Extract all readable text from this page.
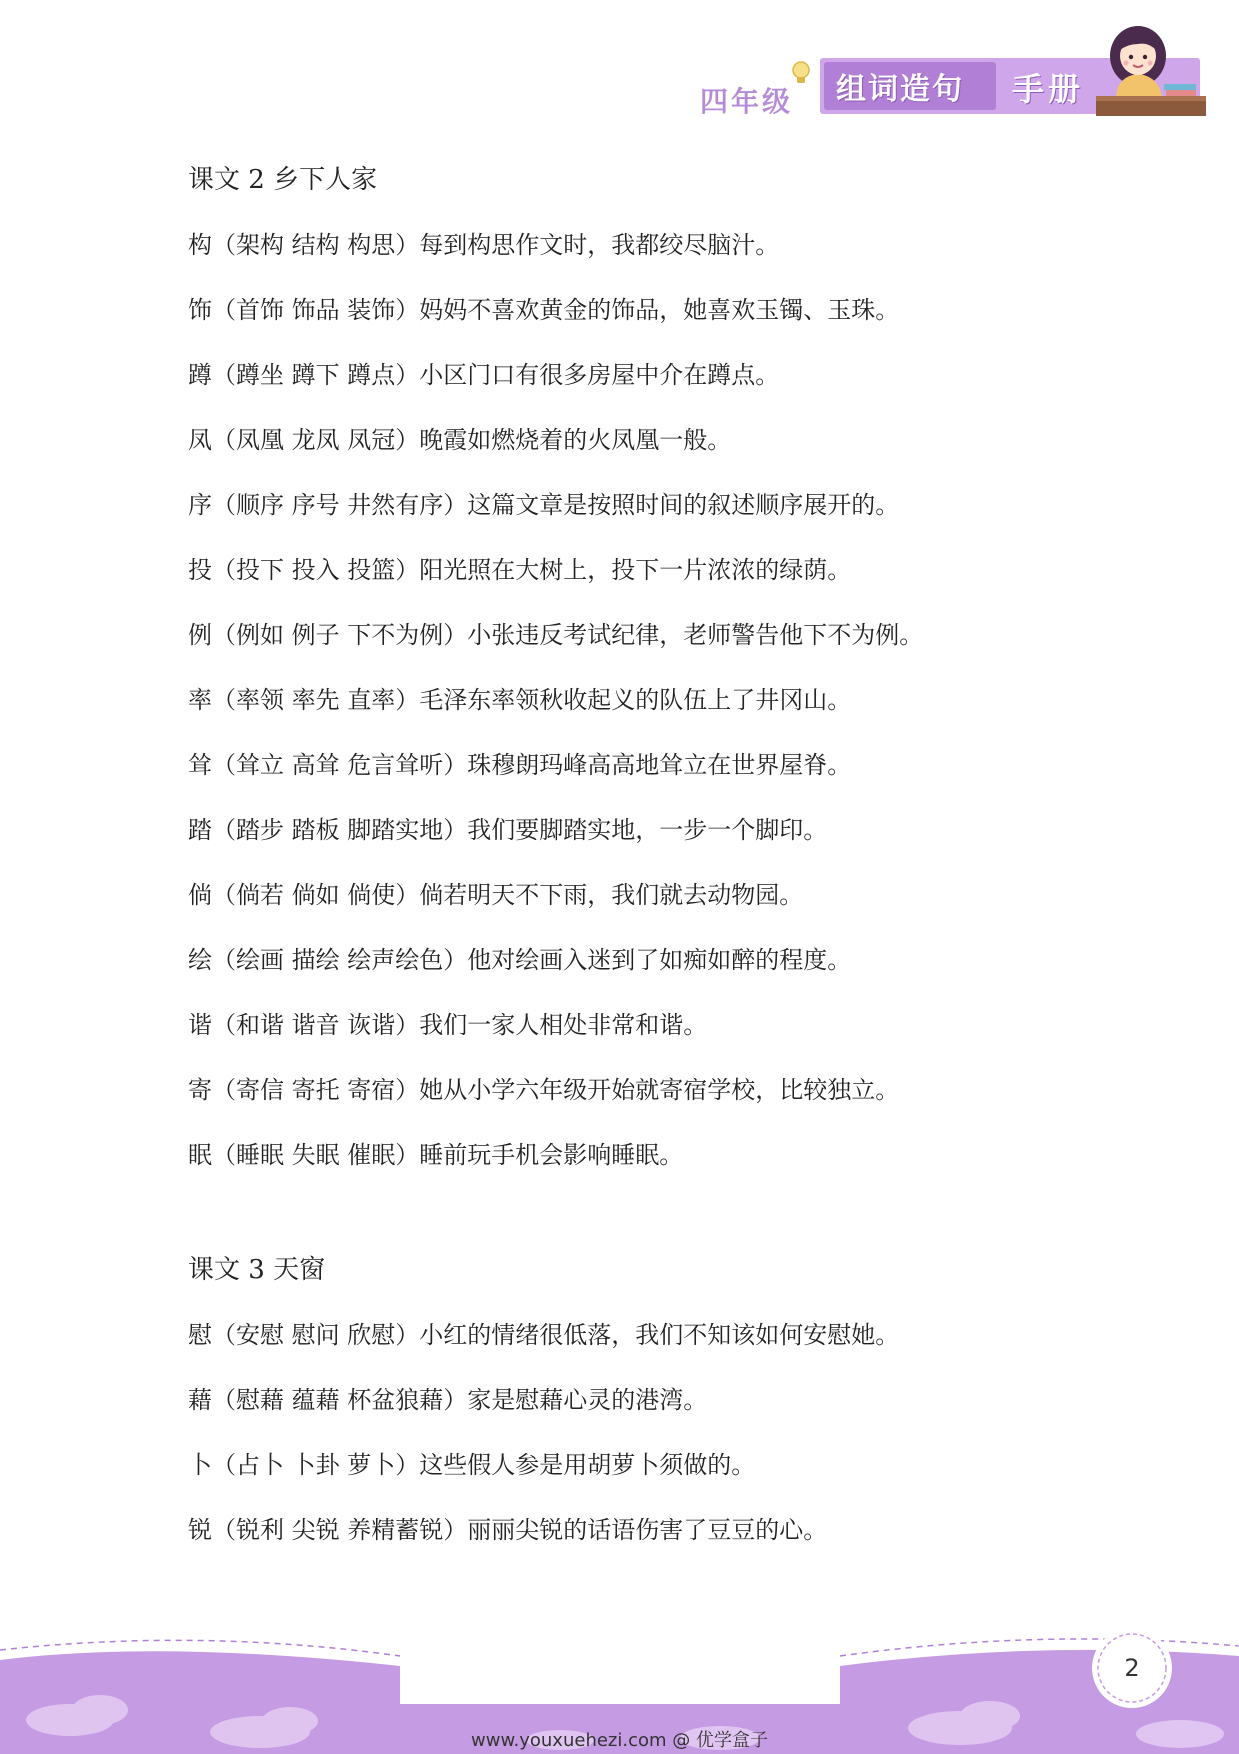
四年级 组词造句 手册
课文 2 乡下人家
构（架构 结构 构思）每到构思作文时，我都绞尽脑汁。
饰（首饰 饰品 装饰）妈妈不喜欢黄金的饰品，她喜欢玉镯、玉珠。
蹲（蹲坐 蹲下 蹲点）小区门口有很多房屋中介在蹲点。
凤（凤凰 龙凤 凤冠）晚霞如燃烧着的火凤凰一般。
序（顺序 序号 井然有序）这篇文章是按照时间的叙述顺序展开的。
投（投下 投入 投篮）阳光照在大树上，投下一片浓浓的绿荫。
例（例如 例子 下不为例）小张违反考试纪律，老师警告他下不为例。
率（率领 率先 直率）毛泽东率领秋收起义的队伍上了井冈山。
耸（耸立 高耸 危言耸听）珠穆朗玛峰高高地耸立在世界屋脊。
踏（踏步 踏板 脚踏实地）我们要脚踏实地，一步一个脚印。
倘（倘若 倘如 倘使）倘若明天不下雨，我们就去动物园。
绘（绘画 描绘 绘声绘色）他对绘画入迷到了如痴如醉的程度。
谐（和谐 谐音 诙谐）我们一家人相处非常和谐。
寄（寄信 寄托 寄宿）她从小学六年级开始就寄宿学校，比较独立。
眠（睡眠 失眠 催眠）睡前玩手机会影响睡眠。
课文 3 天窗
慰（安慰 慰问 欣慰）小红的情绪很低落，我们不知该如何安慰她。
藉（慰藉 蕴藉 杯盆狼藉）家是慰藉心灵的港湾。
卜（占卜 卜卦 萝卜）这些假人参是用胡萝卜须做的。
锐（锐利 尖锐 养精蓄锐）丽丽尖锐的话语伤害了豆豆的心。
2
www.youxuehezi.com @ 优学盒子
